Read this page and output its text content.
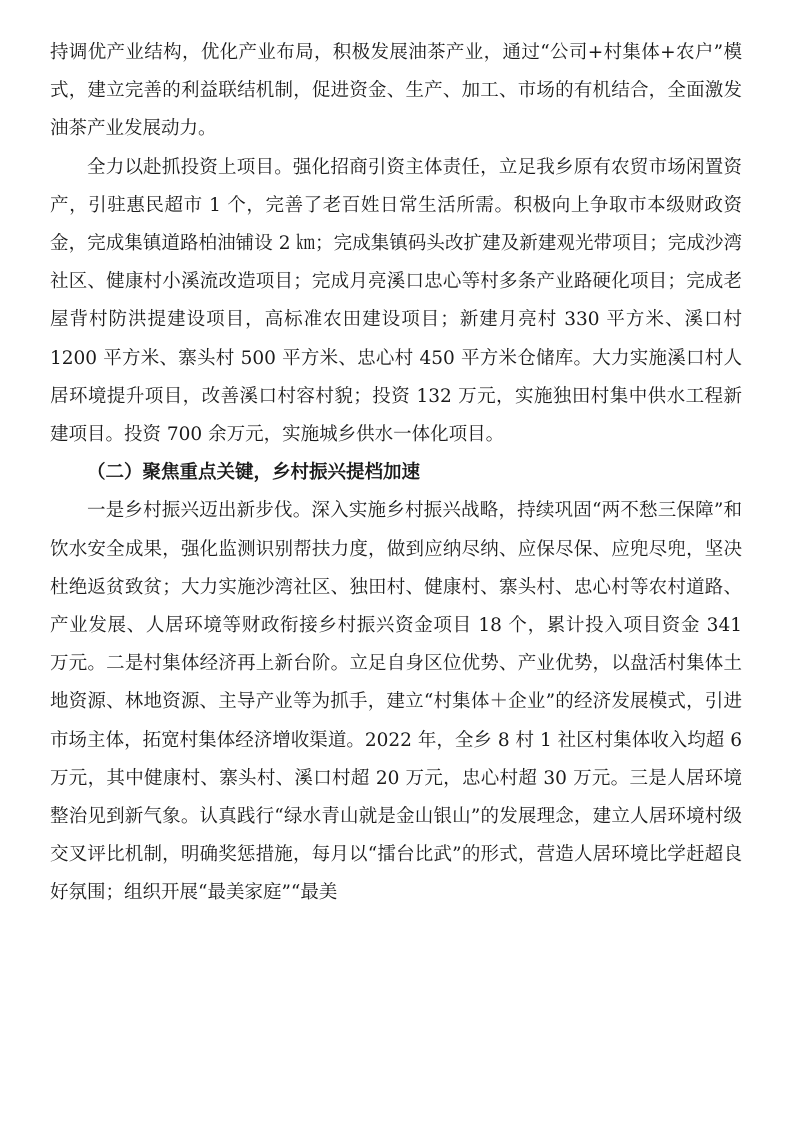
持调优产业结构，优化产业布局，积极发展油茶产业，通过“公司+村集体+农户”模式，建立完善的利益联结机制，促进资金、生产、加工、市场的有机结合，全面激发油茶产业发展动力。

全力以赴抓投资上项目。强化招商引资主体责任，立足我乡原有农贸市场闲置资产，引驻惠民超市 1 个，完善了老百姓日常生活所需。积极向上争取市本级财政资金，完成集镇道路柏油铺设 2 ㎞；完成集镇码头改扩建及新建观光带项目；完成沙湾社区、健康村小溪流改造项目；完成月亮溪口忠心等村多条产业路硬化项目；完成老屋背村防洪提建设项目，高标准农田建设项目；新建月亮村 330 平方米、溪口村 1200 平方米、寨头村 500 平方米、忠心村 450 平方米仓储库。大力实施溪口村人居环境提升项目，改善溪口村容村貌；投资 132 万元，实施独田村集中供水工程新建项目。投资 700 余万元，实施城乡供水一体化项目。

（二）聚焦重点关键，乡村振兴提档加速

一是乡村振兴迈出新步伐。深入实施乡村振兴战略，持续巩固“两不愁三保障”和饮水安全成果，强化监测识别帮扶力度，做到应纳尽纳、应保尽保、应兜尽兜，坚决杜绝返贫致贫；大力实施沙湾社区、独田村、健康村、寨头村、忠心村等农村道路、产业发展、人居环境等财政衔接乡村振兴资金项目 18 个，累计投入项目资金 341 万元。二是村集体经济再上新台阶。立足自身区位优势、产业优势，以盘活村集体土地资源、林地资源、主导产业等为抓手，建立“村集体＋企业”的经济发展模式，引进市场主体，拓宽村集体经济增收渠道。2022 年，全乡 8 村 1 社区村集体收入均超 6 万元，其中健康村、寨头村、溪口村超 20 万元，忠心村超 30 万元。三是人居环境整治见到新气象。认真践行“绿水青山就是金山银山”的发展理念，建立人居环境村级交叉评比机制，明确奖惩措施，每月以“擂台比武”的形式，营造人居环境比学赶超良好氛围；组织开展“最美家庭”“最美
